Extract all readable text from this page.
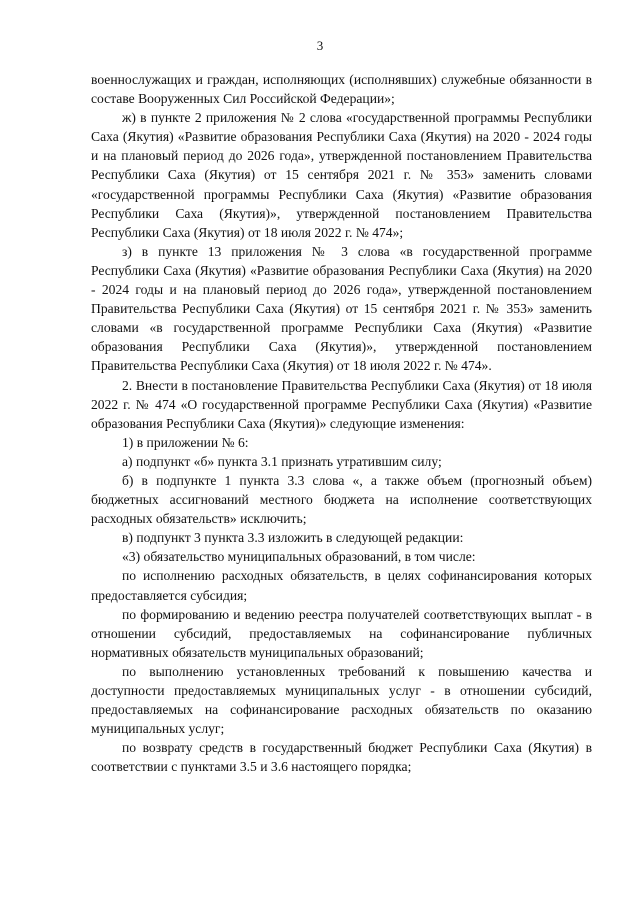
3

военнослужащих и граждан, исполняющих (исполнявших) служебные обязанности в составе Вооруженных Сил Российской Федерации»;

ж) в пункте 2 приложения № 2 слова «государственной программы Республики Саха (Якутия) «Развитие образования Республики Саха (Якутия) на 2020 - 2024 годы и на плановый период до 2026 года», утвержденной постановлением Правительства Республики Саха (Якутия) от 15 сентября 2021 г. № 353» заменить словами «государственной программы Республики Саха (Якутия) «Развитие образования Республики Саха (Якутия)», утвержденной постановлением Правительства Республики Саха (Якутия) от 18 июля 2022 г. № 474»;

з) в пункте 13 приложения № 3 слова «в государственной программе Республики Саха (Якутия) «Развитие образования Республики Саха (Якутия) на 2020 - 2024 годы и на плановый период до 2026 года», утвержденной постановлением Правительства Республики Саха (Якутия) от 15 сентября 2021 г. № 353» заменить словами «в государственной программе Республики Саха (Якутия) «Развитие образования Республики Саха (Якутия)», утвержденной постановлением Правительства Республики Саха (Якутия) от 18 июля 2022 г. № 474».

2. Внести в постановление Правительства Республики Саха (Якутия) от 18 июля 2022 г. № 474 «О государственной программе Республики Саха (Якутия) «Развитие образования Республики Саха (Якутия)» следующие изменения:

1) в приложении № 6:

а) подпункт «б» пункта 3.1 признать утратившим силу;

б) в подпункте 1 пункта 3.3 слова «, а также объем (прогнозный объем) бюджетных ассигнований местного бюджета на исполнение соответствующих расходных обязательств» исключить;

в) подпункт 3 пункта 3.3 изложить в следующей редакции:

«3) обязательство муниципальных образований, в том числе:

по исполнению расходных обязательств, в целях софинансирования которых предоставляется субсидия;

по формированию и ведению реестра получателей соответствующих выплат - в отношении субсидий, предоставляемых на софинансирование публичных нормативных обязательств муниципальных образований;

по выполнению установленных требований к повышению качества и доступности предоставляемых муниципальных услуг - в отношении субсидий, предоставляемых на софинансирование расходных обязательств по оказанию муниципальных услуг;

по возврату средств в государственный бюджет Республики Саха (Якутия) в соответствии с пунктами 3.5 и 3.6 настоящего порядка;
